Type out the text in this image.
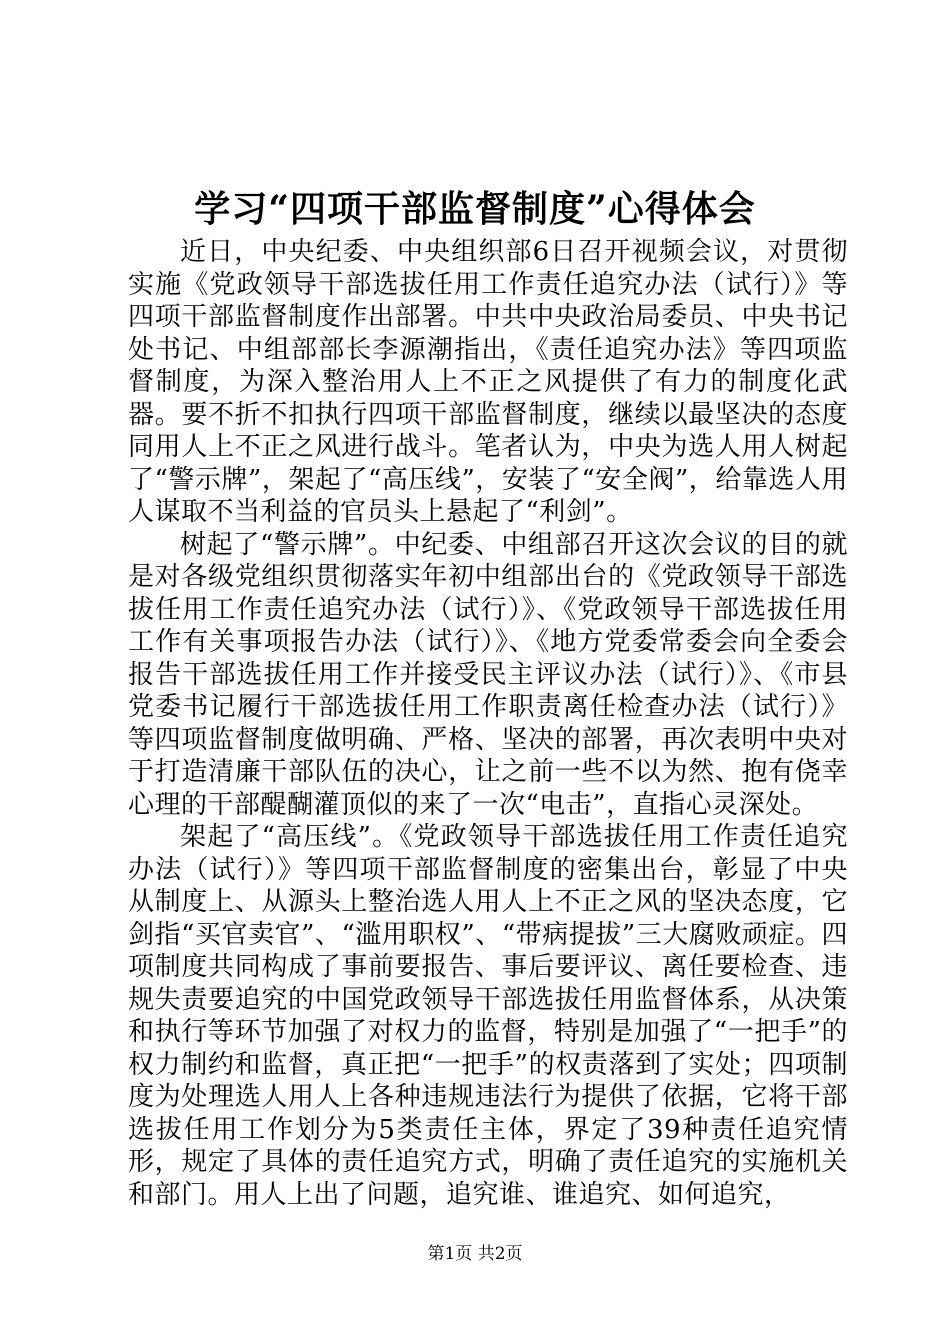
学习“四项干部监督制度”心得体会

近日，中央纪委、中央组织部6日召开视频会议，对贯彻实施《党政领导干部选拔任用工作责任追究办法（试行）》等四项干部监督制度作出部署。中共中央政治局委员、中央书记处书记、中组部部长李源潮指出，《责任追究办法》等四项监督制度，为深入整治用人上不正之风提供了有力的制度化武器。要不折不扣执行四项干部监督制度，继续以最坚决的态度同用人上不正之风进行战斗。笔者认为，中央为选人用人树起了“警示牌”，架起了“高压线”，安装了“安全阀”，给靠选人用人谋取不当利益的官员头上悬起了“利剑”。

树起了“警示牌”。中纪委、中组部召开这次会议的目的就是对各级党组织贯彻落实年初中组部出台的《党政领导干部选拔任用工作责任追究办法（试行）》、《党政领导干部选拔任用工作有关事项报告办法（试行）》、《地方党委常委会向全委会报告干部选拔任用工作并接受民主评议办法（试行）》、《市县党委书记履行干部选拔任用工作职责离任检查办法（试行）》等四项监督制度做明确、严格、坚决的部署，再次表明中央对于打造清廉干部队伍的决心，让之前一些不以为然、抱有侥幸心理的干部醍醐灌顶似的来了一次“电击”，直指心灵深处。

架起了“高压线”。《党政领导干部选拔任用工作责任追究办法（试行）》等四项干部监督制度的密集出台，彰显了中央从制度上、从源头上整治选人用人上不正之风的坚决态度，它剑指“买官卖官”、“滥用职权”、“带病提拔”三大腐败顽症。四项制度共同构成了事前要报告、事后要评议、离任要检查、违规失责要追究的中国党政领导干部选拔任用监督体系，从决策和执行等环节加强了对权力的监督，特别是加强了“一把手”的权力制约和监督，真正把“一把手”的权责落到了实处；四项制度为处理选人用人上各种违规违法行为提供了依据，它将干部选拔任用工作划分为5类责任主体，界定了39种责任追究情形，规定了具体的责任追究方式，明确了责任追究的实施机关和部门。用人上出了问题，追究谁、谁追究、如何追究，

第1页 共2页
